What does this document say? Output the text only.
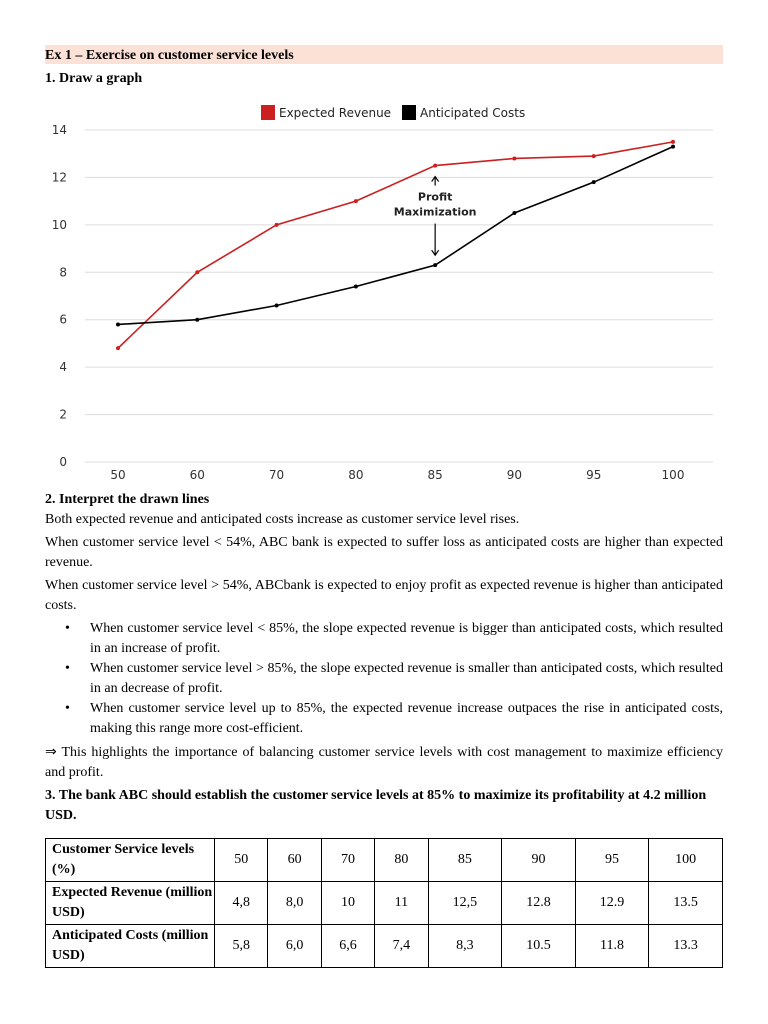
Ex 1 – Exercise on customer service levels
1. Draw a graph
0
2
4
6
8
10
12
14
50	60	70	80	85	90	95	100
Expected Revenue Anticipated Costs
Profit
Maximization
2. Interpret the drawn lines

Both expected revenue and anticipated costs increase as customer service level rises.

When customer service level < 54%, ABC bank is expected to suffer loss as anticipated costs are higher than expected revenue.

When customer service level > 54%, ABCbank is expected to enjoy profit as expected revenue is higher than anticipated costs.

• When customer service level < 85%, the slope expected revenue is bigger than anticipated costs, which resulted in an increase of profit.
• When customer service level > 85%, the slope expected revenue is smaller than anticipated costs, which resulted in an decrease of profit.
• When customer service level up to 85%, the expected revenue increase outpaces the rise in anticipated costs, making this range more cost-efficient.

⇒ This highlights the importance of balancing customer service levels with cost management to maximize efficiency and profit.

3. The bank ABC should establish the customer service levels at 85% to maximize its profitability at 4.2 million USD.
Customer Service levels (%)	50	60	70	80	85	90	95	100
Expected Revenue (million USD)	4,8	8,0	10	11	12,5	12.8	12.9	13.5
Anticipated Costs (million USD)	5,8	6,0	6,6	7,4	8,3	10.5	11.8	13.3
